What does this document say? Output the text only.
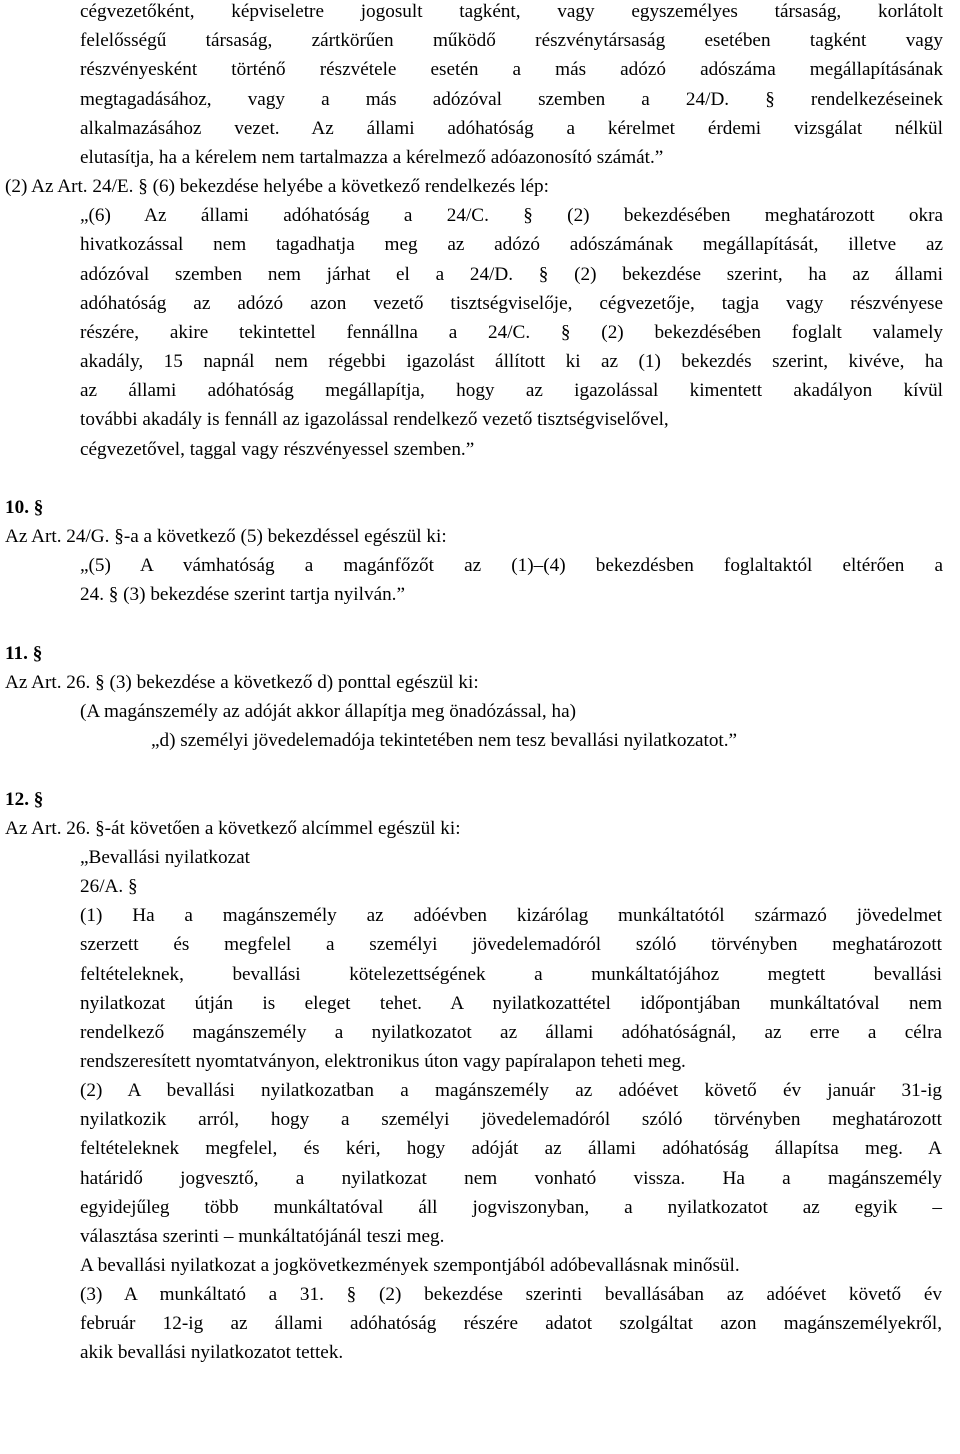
cégvezetőként, képviseletre jogosult tagként, vagy egyszemélyes társaság, korlátolt
felelősségű társaság, zártkörűen működő részvénytársaság esetében tagként vagy
részvényesként történő részvétele esetén a más adózó adószáma megállapításának
megtagadásához, vagy a más adózóval szemben a 24/D. § rendelkezéseinek
alkalmazásához vezet. Az állami adóhatóság a kérelmet érdemi vizsgálat nélkül
elutasítja, ha a kérelem nem tartalmazza a kérelmező adóazonosító számát.”
(2) Az Art. 24/E. § (6) bekezdése helyébe a következő rendelkezés lép:
„(6) Az állami adóhatóság a 24/C. § (2) bekezdésében meghatározott okra
hivatkozással nem tagadhatja meg az adózó adószámának megállapítását, illetve az
adózóval szemben nem járhat el a 24/D. § (2) bekezdése szerint, ha az állami
adóhatóság az adózó azon vezető tisztségviselője, cégvezetője, tagja vagy részvényese
részére, akire tekintettel fennállna a 24/C. § (2) bekezdésében foglalt valamely
akadály, 15 napnál nem régebbi igazolást állított ki az (1) bekezdés szerint, kivéve, ha
az állami adóhatóság megállapítja, hogy az igazolással kimentett akadályon kívül
további akadály is fennáll az igazolással rendelkező vezető tisztségviselővel,
cégvezetővel, taggal vagy részvényessel szemben.”
10. §
Az Art. 24/G. §-a a következő (5) bekezdéssel egészül ki:
„(5) A vámhatóság a magánfőzőt az (1)–(4) bekezdésben foglaltaktól eltérően a
24. § (3) bekezdése szerint tartja nyilván.”
11. §
Az Art. 26. § (3) bekezdése a következő d) ponttal egészül ki:
(A magánszemély az adóját akkor állapítja meg önadózással, ha)
„d) személyi jövedelemadója tekintetében nem tesz bevallási nyilatkozatot.”
12. §
Az Art. 26. §-át követően a következő alcímmel egészül ki:
„Bevallási nyilatkozat
26/A. §
(1) Ha a magánszemély az adóévben kizárólag munkáltatótól származó jövedelmet
szerzett és megfelel a személyi jövedelemadóról szóló törvényben meghatározott
feltételeknek, bevallási kötelezettségének a munkáltatójához megtett bevallási
nyilatkozat útján is eleget tehet. A nyilatkozattétel időpontjában munkáltatóval nem
rendelkező magánszemély a nyilatkozatot az állami adóhatóságnál, az erre a célra
rendszeresített nyomtatványon, elektronikus úton vagy papíralapon teheti meg.
(2) A bevallási nyilatkozatban a magánszemély az adóévet követő év január 31-ig
nyilatkozik arról, hogy a személyi jövedelemadóról szóló törvényben meghatározott
feltételeknek megfelel, és kéri, hogy adóját az állami adóhatóság állapítsa meg. A
határidő jogvesztő, a nyilatkozat nem vonható vissza. Ha a magánszemély
egyidejűleg több munkáltatóval áll jogviszonyban, a nyilatkozatot az egyik –
választása szerinti – munkáltatójánál teszi meg.
A bevallási nyilatkozat a jogkövetkezmények szempontjából adóbevallásnak minősül.
(3) A munkáltató a 31. § (2) bekezdése szerinti bevallásában az adóévet követő év
február 12-ig az állami adóhatóság részére adatot szolgáltat azon magánszemélyekről,
akik bevallási nyilatkozatot tettek.
